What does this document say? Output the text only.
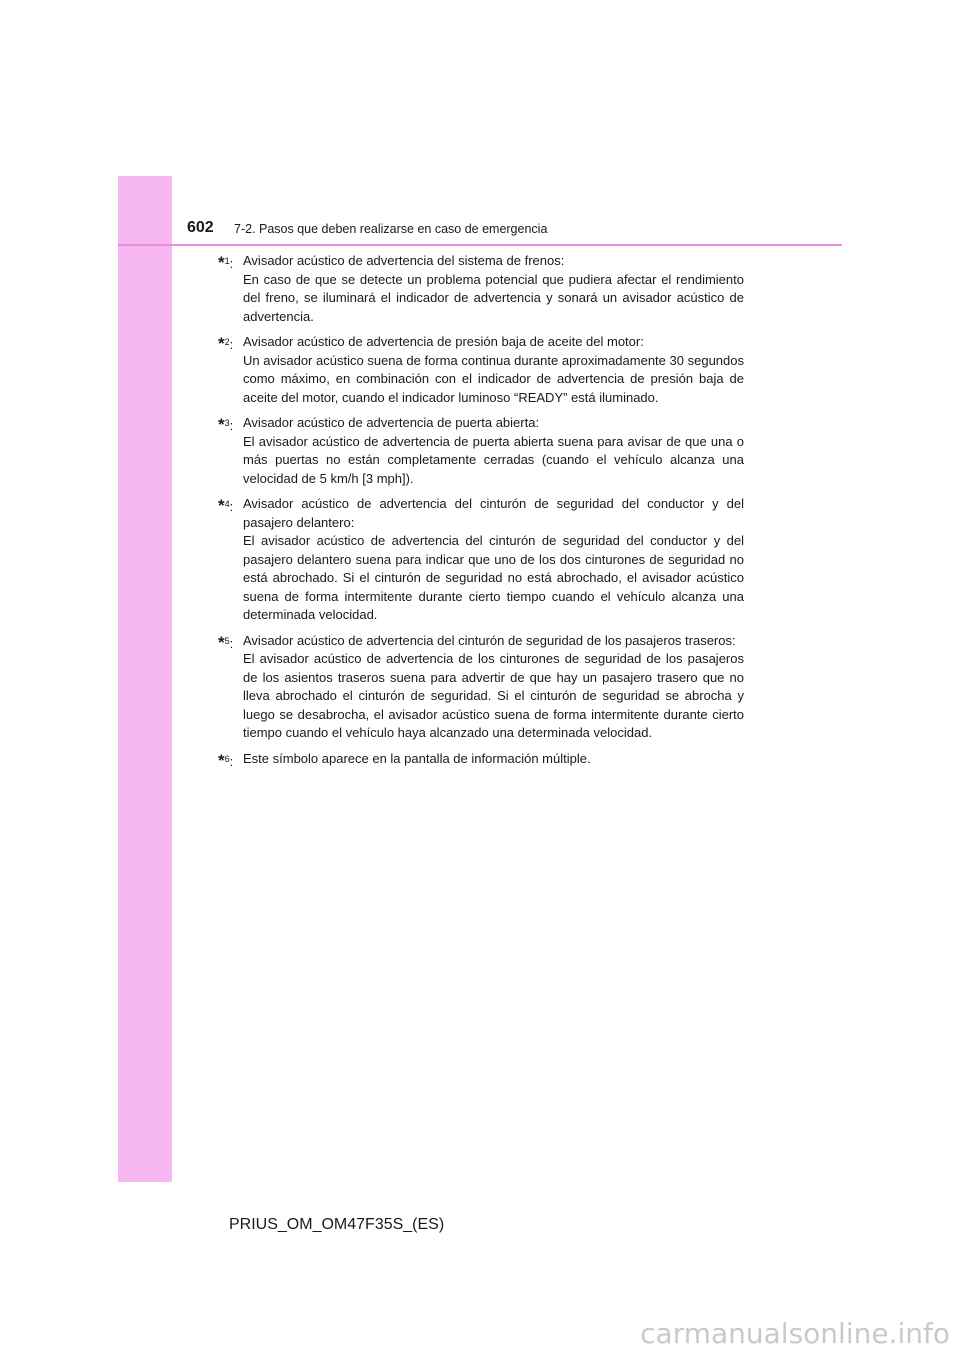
602 7-2. Pasos que deben realizarse en caso de emergencia

*$^1$: Avisador acústico de advertencia del sistema de frenos:
En caso de que se detecte un problema potencial que pudiera afectar el rendimiento del freno, se iluminará el indicador de advertencia y sonará un avisador acústico de advertencia.
*$^2$: Avisador acústico de advertencia de presión baja de aceite del motor:
Un avisador acústico suena de forma continua durante aproximadamente 30 segundos como máximo, en combinación con el indicador de advertencia de presión baja de aceite del motor, cuando el indicador luminoso “READY” está iluminado.
*$^3$: Avisador acústico de advertencia de puerta abierta:
El avisador acústico de advertencia de puerta abierta suena para avisar de que una o más puertas no están completamente cerradas (cuando el vehículo alcanza una velocidad de 5 km/h [3 mph]).
*$^4$: Avisador acústico de advertencia del cinturón de seguridad del conductor y del pasajero delantero:
El avisador acústico de advertencia del cinturón de seguridad del conductor y del pasajero delantero suena para indicar que uno de los dos cinturones de seguridad no está abrochado. Si el cinturón de seguridad no está abrochado, el avisador acústico suena de forma intermitente durante cierto tiempo cuando el vehículo alcanza una determinada velocidad.
*$^5$: Avisador acústico de advertencia del cinturón de seguridad de los pasajeros traseros:
El avisador acústico de advertencia de los cinturones de seguridad de los pasajeros de los asientos traseros suena para advertir de que hay un pasajero trasero que no lleva abrochado el cinturón de seguridad. Si el cinturón de seguridad se abrocha y luego se desabrocha, el avisador acústico suena de forma intermitente durante cierto tiempo cuando el vehículo haya alcanzado una determinada velocidad.
*$^6$: Este símbolo aparece en la pantalla de información múltiple.

PRIUS_OM_OM47F35S_(ES)

carmanualsonline.info
